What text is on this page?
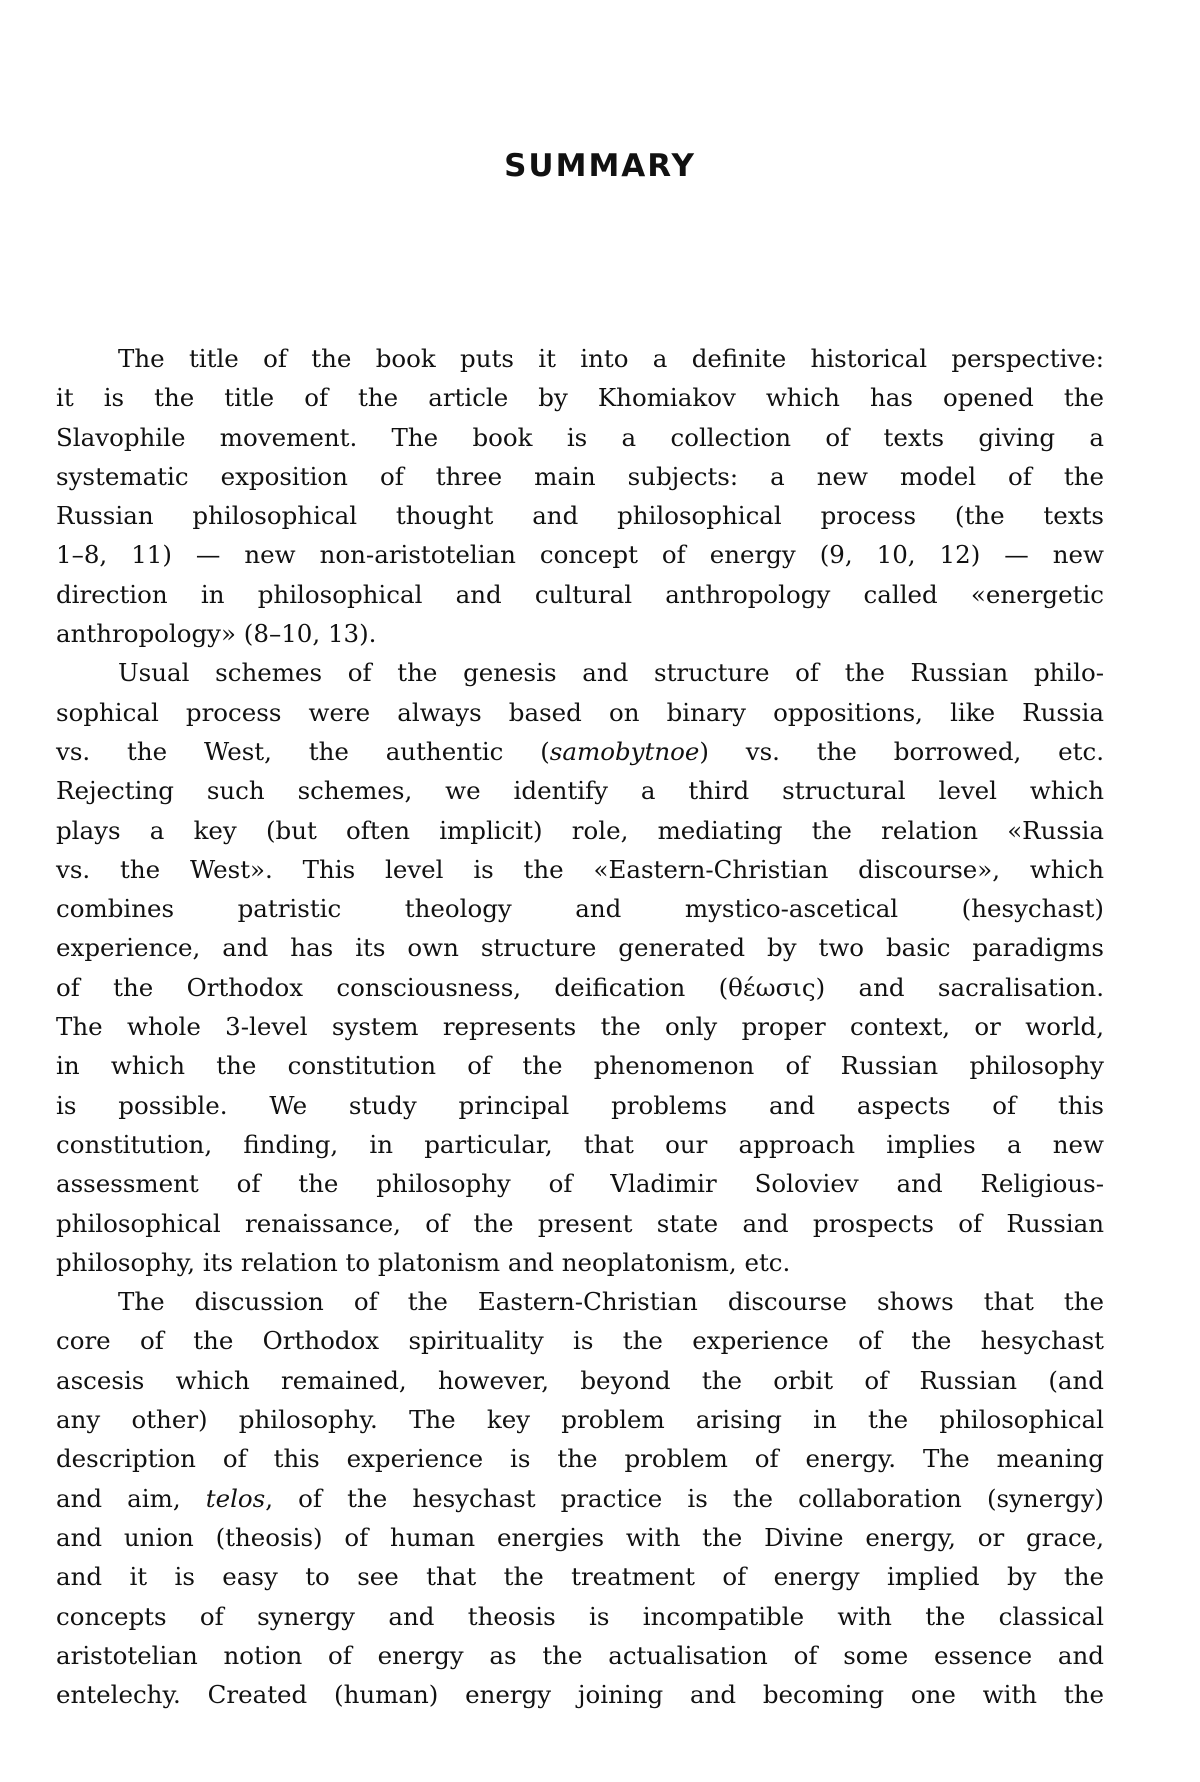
SUMMARY

The title of the book puts it into a definite historical perspective:
it is the title of the article by Khomiakov which has opened the
Slavophile movement. The book is a collection of texts giving a
systematic exposition of three main subjects: a new model of the
Russian philosophical thought and philosophical process (the texts
1–8, 11) — new non-aristotelian concept of energy (9, 10, 12) — new
direction in philosophical and cultural anthropology called «energetic
anthropology» (8–10, 13).

Usual schemes of the genesis and structure of the Russian philo-
sophical process were always based on binary oppositions, like Russia
vs. the West, the authentic (samobytnoe) vs. the borrowed, etc.
Rejecting such schemes, we identify a third structural level which
plays a key (but often implicit) role, mediating the relation «Russia
vs. the West». This level is the «Eastern-Christian discourse», which
combines patristic theology and mystico-ascetical (hesychast)
experience, and has its own structure generated by two basic paradigms
of the Orthodox consciousness, deification (θέωσις) and sacralisation.
The whole 3-level system represents the only proper context, or world,
in which the constitution of the phenomenon of Russian philosophy
is possible. We study principal problems and aspects of this
constitution, finding, in particular, that our approach implies a new
assessment of the philosophy of Vladimir Soloviev and Religious-
philosophical renaissance, of the present state and prospects of Russian
philosophy, its relation to platonism and neoplatonism, etc.

The discussion of the Eastern-Christian discourse shows that the
core of the Orthodox spirituality is the experience of the hesychast
ascesis which remained, however, beyond the orbit of Russian (and
any other) philosophy. The key problem arising in the philosophical
description of this experience is the problem of energy. The meaning
and aim, telos, of the hesychast practice is the collaboration (synergy)
and union (theosis) of human energies with the Divine energy, or grace,
and it is easy to see that the treatment of energy implied by the
concepts of synergy and theosis is incompatible with the classical
aristotelian notion of energy as the actualisation of some essence and
entelechy. Created (human) energy joining and becoming one with the
